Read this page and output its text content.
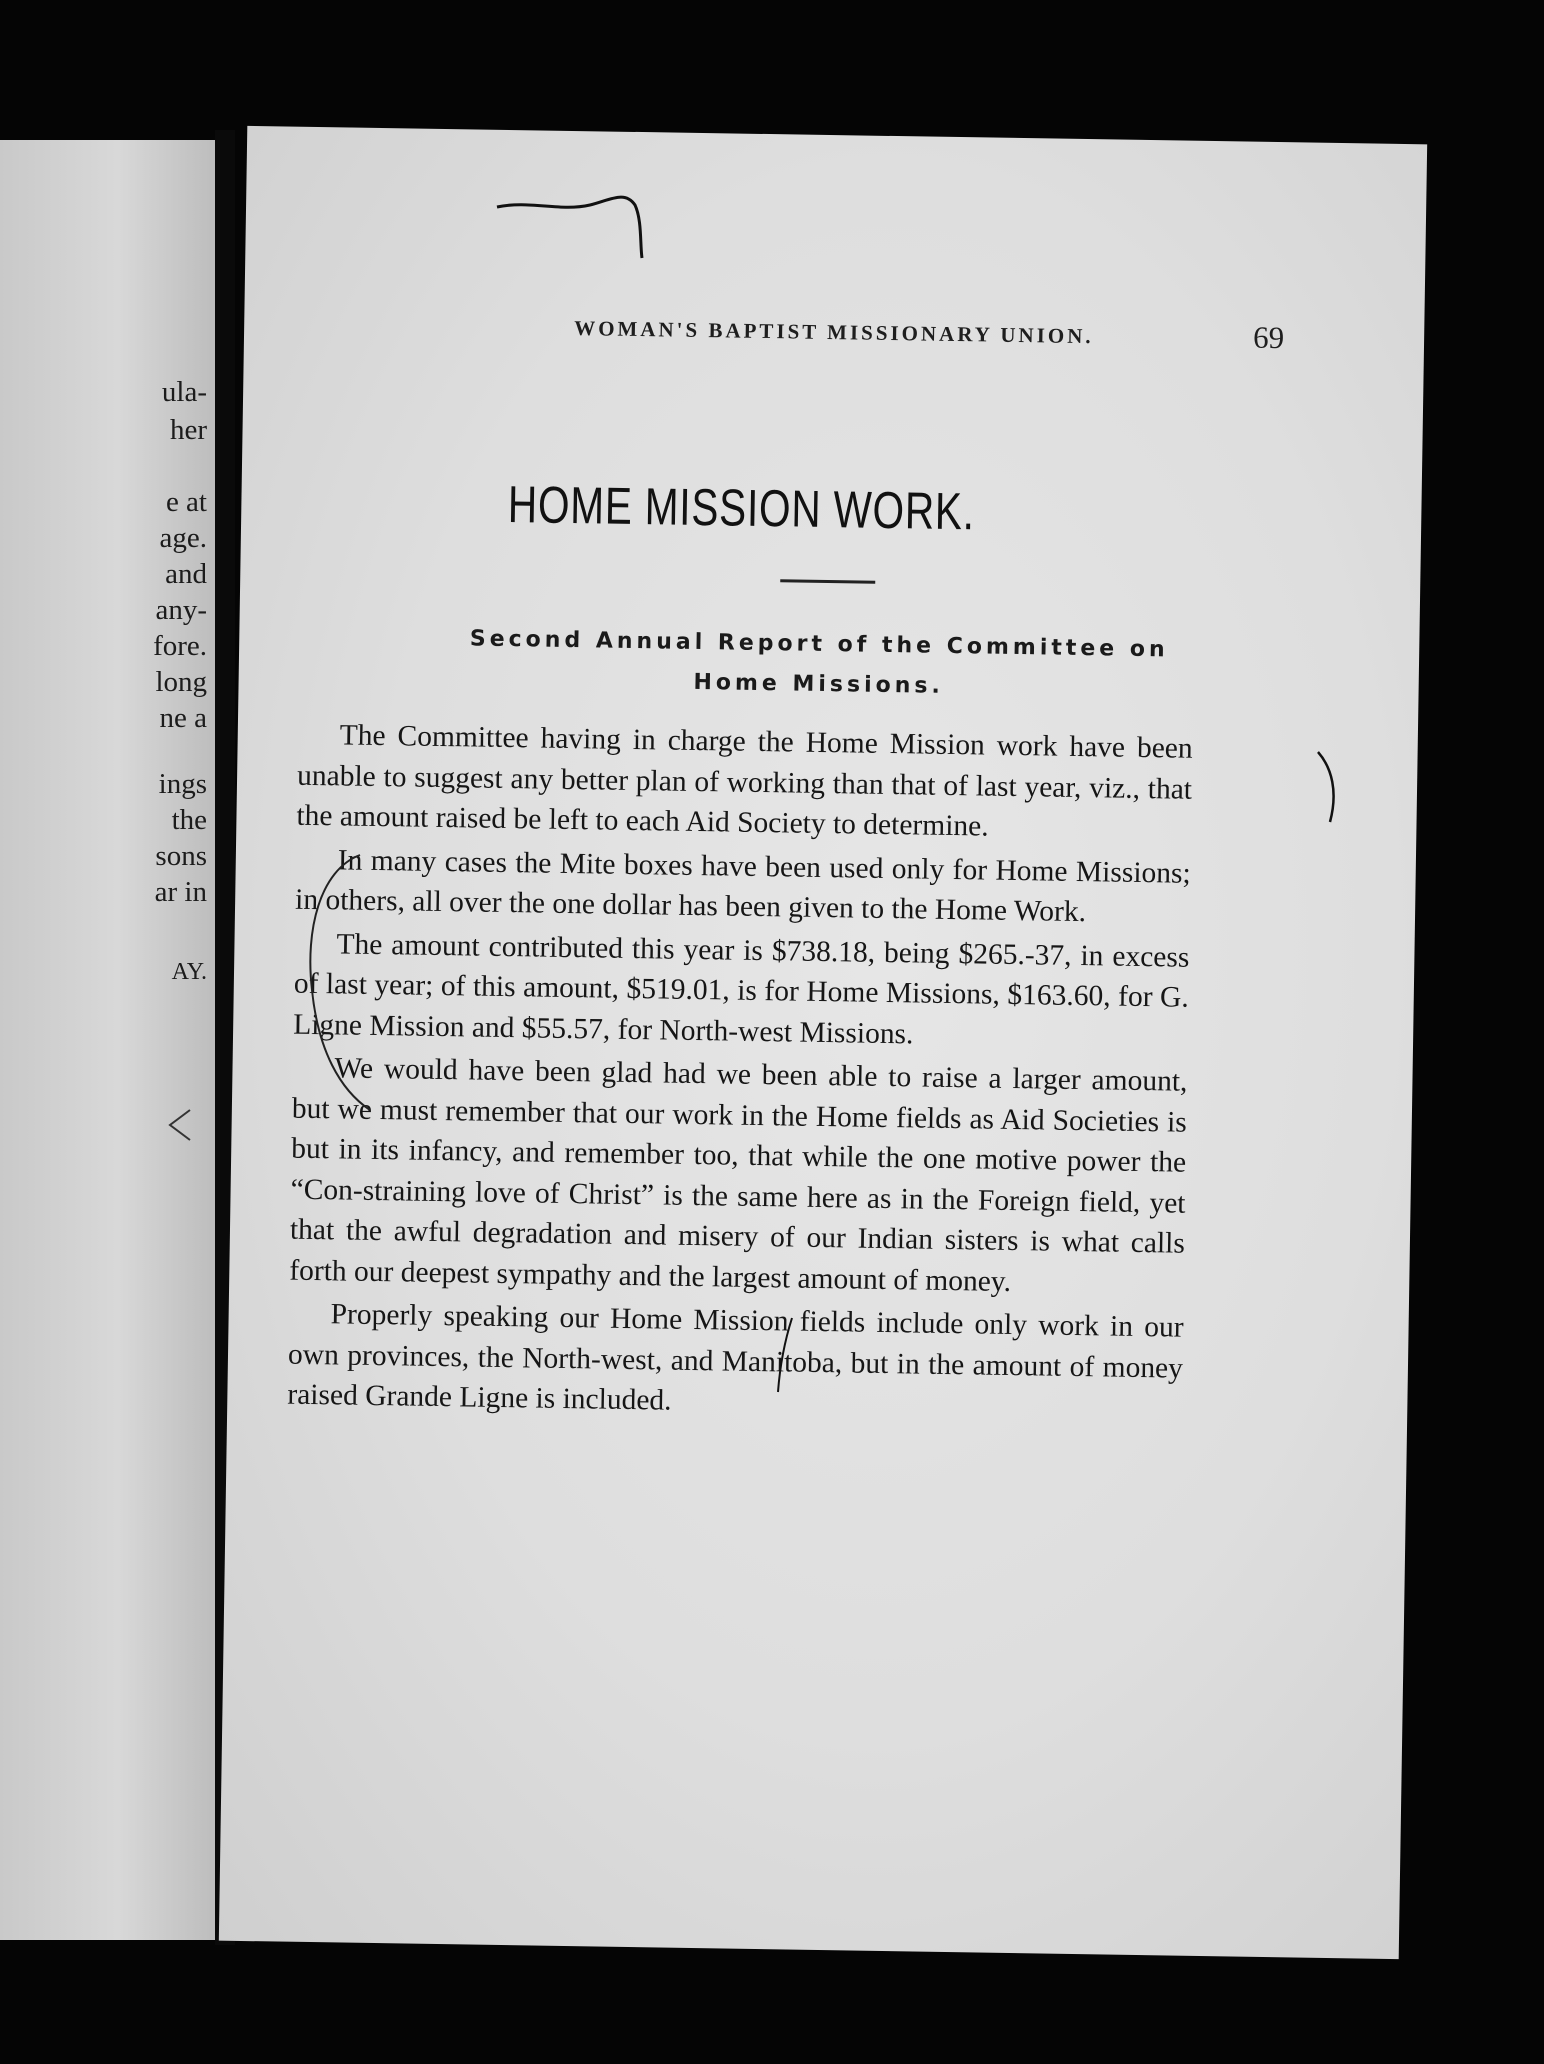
ula-
her
e at
age.
and
any-
fore.
long
ne a
ings
the
sons
ar in
AY.
WOMAN'S BAPTIST MISSIONARY UNION.	69
HOME MISSION WORK.
Second Annual Report of the Committee on
Home Missions.

The Committee having in charge the Home Mission work have been unable to suggest any better plan of working than that of last year, viz., that the amount raised be left to each Aid Society to determine.

In many cases the Mite boxes have been used only for Home Missions; in others, all over the one dollar has been given to the Home Work.

The amount contributed this year is $738.18, being $265.-37, in excess of last year; of this amount, $519.01, is for Home Missions, $163.60, for G. Ligne Mission and $55.57, for North-west Missions.

We would have been glad had we been able to raise a larger amount, but we must remember that our work in the Home fields as Aid Societies is but in its infancy, and remember too, that while the one motive power the “Con-straining love of Christ” is the same here as in the Foreign field, yet that the awful degradation and misery of our Indian sisters is what calls forth our deepest sympathy and the largest amount of money.

Properly speaking our Home Mission fields include only work in our own provinces, the North-west, and Manitoba, but in the amount of money raised Grande Ligne is included.
